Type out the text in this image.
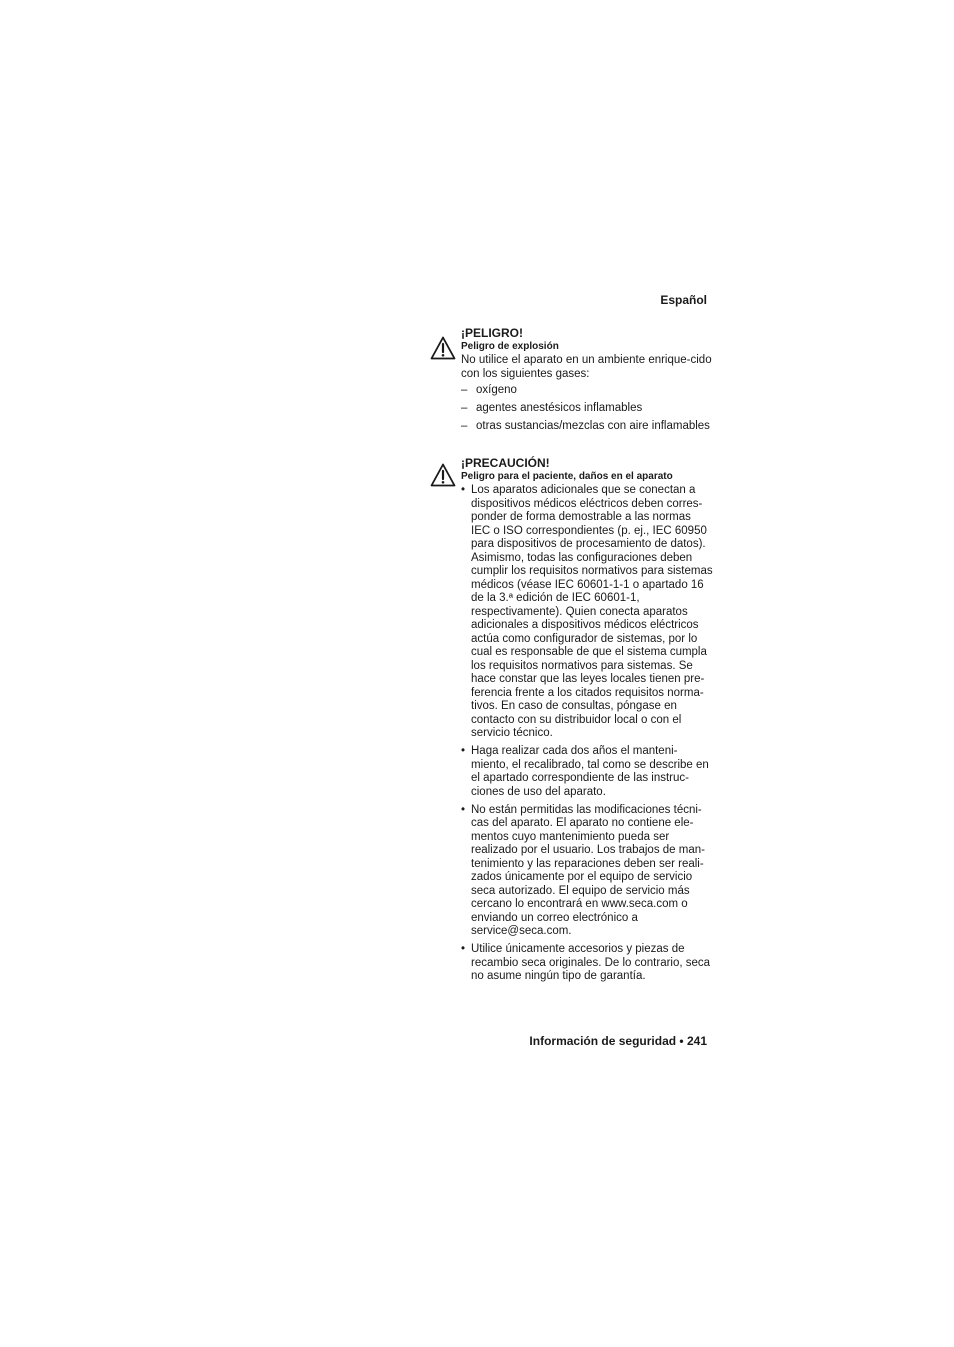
Español
¡PELIGRO!
Peligro de explosión
No utilice el aparato en un ambiente enrique-cido con los siguientes gases:
– oxígeno
– agentes anestésicos inflamables
– otras sustancias/mezclas con aire inflamables
¡PRECAUCIÓN!
Peligro para el paciente, daños en el aparato
• Los aparatos adicionales que se conectan a dispositivos médicos eléctricos deben corres-ponder de forma demostrable a las normas IEC o ISO correspondientes (p. ej., IEC 60950 para dispositivos de procesamiento de datos). Asimismo, todas las configuraciones deben cumplir los requisitos normativos para sistemas médicos (véase IEC 60601-1-1 o apartado 16 de la 3.ª edición de IEC 60601-1, respectivamente). Quien conecta aparatos adicionales a dispositivos médicos eléctricos actúa como configurador de sistemas, por lo cual es responsable de que el sistema cumpla los requisitos normativos para sistemas. Se hace constar que las leyes locales tienen pre-ferencia frente a los citados requisitos norma-tivos. En caso de consultas, póngase en contacto con su distribuidor local o con el servicio técnico.
• Haga realizar cada dos años el manteni-miento, el recalibrado, tal como se describe en el apartado correspondiente de las instruc-ciones de uso del aparato.
• No están permitidas las modificaciones técni-cas del aparato. El aparato no contiene ele-mentos cuyo mantenimiento pueda ser realizado por el usuario. Los trabajos de man-tenimiento y las reparaciones deben ser reali-zados únicamente por el equipo de servicio seca autorizado. El equipo de servicio más cercano lo encontrará en www.seca.com o enviando un correo electrónico a service@seca.com.
• Utilice únicamente accesorios y piezas de recambio seca originales. De lo contrario, seca no asume ningún tipo de garantía.
Información de seguridad • 241
